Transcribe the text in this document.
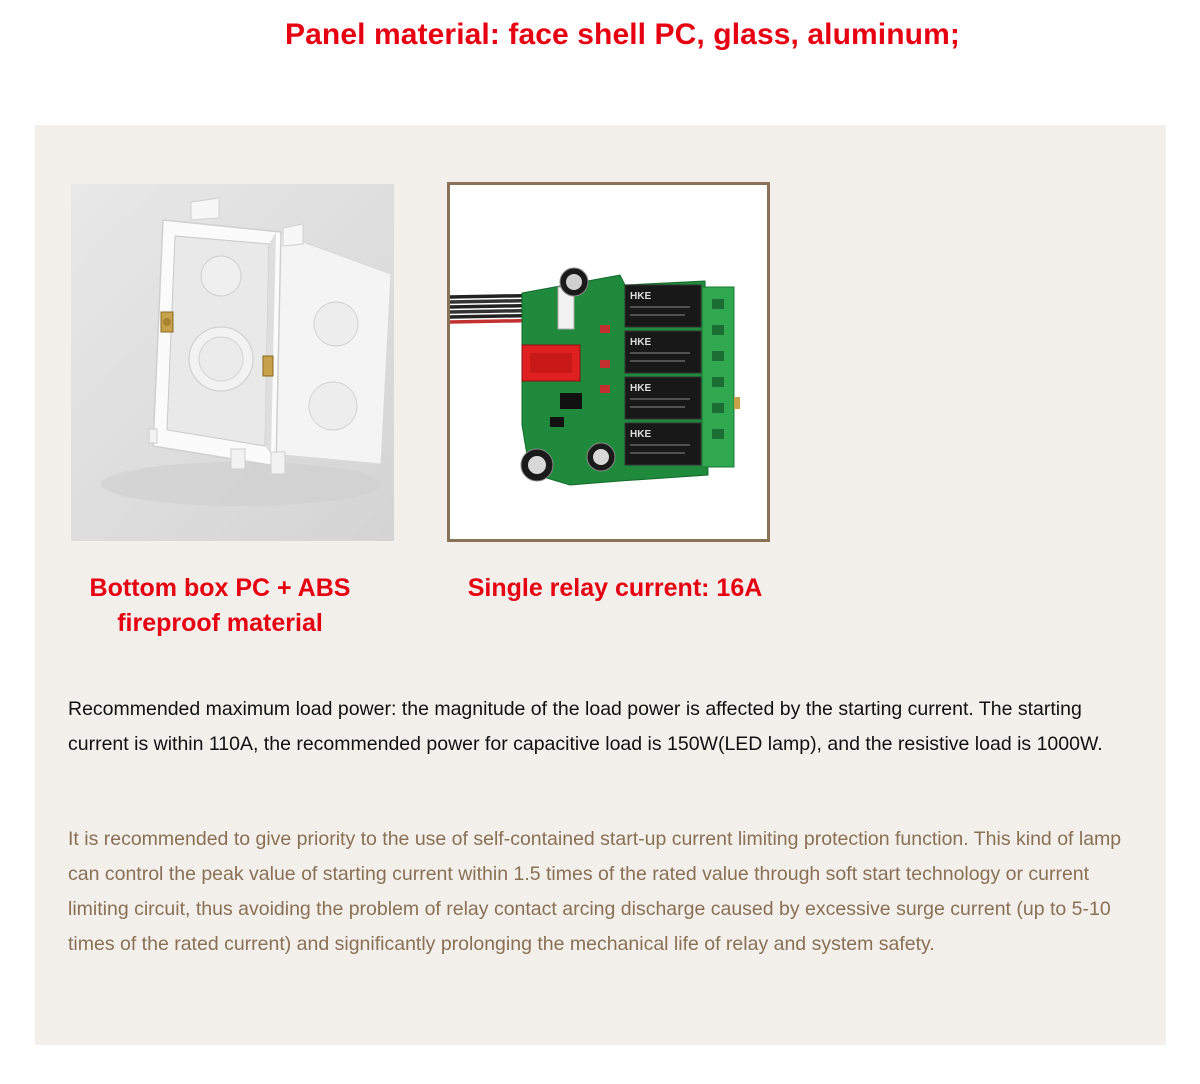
Panel material: face shell PC, glass, aluminum;
HKE
HKE
HKE
HKE
Bottom box PC + ABS
fireproof material
Single relay current: 16A
Recommended maximum load power: the magnitude of the load power is affected by the starting current. The starting current is within 110A, the recommended power for capacitive load is 150W(LED lamp), and the resistive load is 1000W.
It is recommended to give priority to the use of self-contained start-up current limiting protection function. This kind of lamp can control the peak value of starting current within 1.5 times of the rated value through soft start technology or current limiting circuit, thus avoiding the problem of relay contact arcing discharge caused by excessive surge current (up to 5-10 times of the rated current) and significantly prolonging the mechanical life of relay and system safety.
